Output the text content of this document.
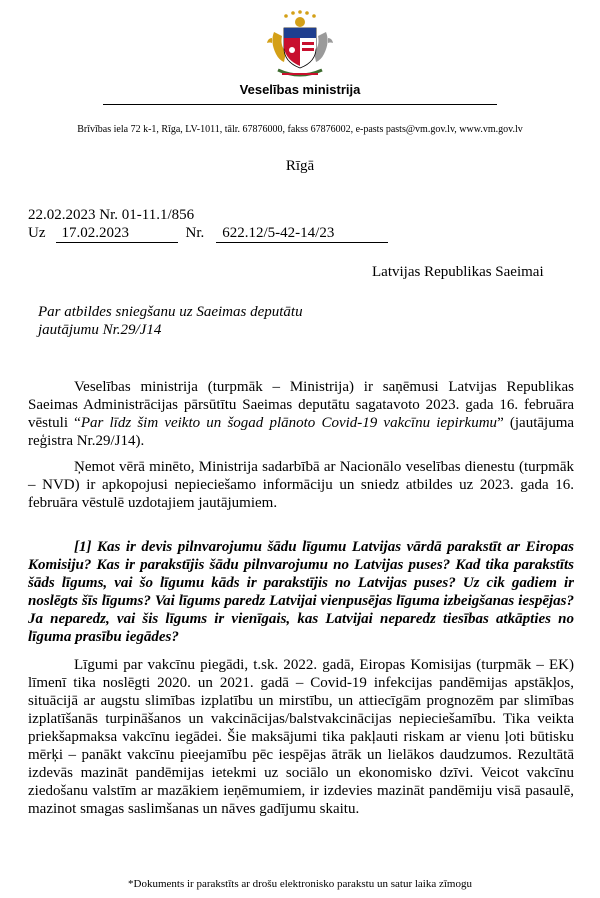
Veselības ministrija
Brīvības iela 72 k-1, Rīga, LV-1011, tālr. 67876000, fakss 67876002, e-pasts pasts@vm.gov.lv, www.vm.gov.lv
Rīgā
22.02.2023 Nr. 01-11.1/856
Uz 17.02.2023	Nr. 622.12/5-42-14/23
Latvijas Republikas Saeimai
Par atbildes sniegšanu uz Saeimas deputātu jautājumu Nr.29/J14
Veselības ministrija (turpmāk – Ministrija) ir saņēmusi Latvijas Republikas Saeimas Administrācijas pārsūtītu Saeimas deputātu sagatavoto 2023. gada 16. februāra vēstuli “Par līdz šim veikto un šogad plānoto Covid-19 vakcīnu iepirkumu” (jautājuma reģistra Nr.29/J14).
Ņemot vērā minēto, Ministrija sadarbībā ar Nacionālo veselības dienestu (turpmāk – NVD) ir apkopojusi nepieciešamo informāciju un sniedz atbildes uz 2023. gada 16. februāra vēstulē uzdotajiem jautājumiem.
[1] Kas ir devis pilnvarojumu šādu līgumu Latvijas vārdā parakstīt ar Eiropas Komisiju? Kas ir parakstījis šādu pilnvarojumu no Latvijas puses? Kad tika parakstīts šāds līgums, vai šo līgumu kāds ir parakstījis no Latvijas puses? Uz cik gadiem ir noslēgts šīs līgums? Vai līgums paredz Latvijai vienpusējas līguma izbeigšanas iespējas? Ja neparedz, vai šis līgums ir vienīgais, kas Latvijai neparedz tiesības atkāpties no līguma prasību iegādes?
Līgumi par vakcīnu piegādi, t.sk. 2022. gadā, Eiropas Komisijas (turpmāk – EK) līmenī tika noslēgti 2020. un 2021. gadā – Covid-19 infekcijas pandēmijas apstākļos, situācijā ar augstu slimības izplatību un mirstību, un attiecīgām prognozēm par slimības izplatīšanās turpināšanos un vakcinācijas/balstvakcinācijas nepieciešamību. Tika veikta priekšapmaksa vakcīnu iegādei. Šie maksājumi tika pakļauti riskam ar vienu ļoti būtisku mērķi – panākt vakcīnu pieejamību pēc iespējas ātrāk un lielākos daudzumos. Rezultātā izdevās mazināt pandēmijas ietekmi uz sociālo un ekonomisko dzīvi. Veicot vakcīnu ziedošanu valstīm ar mazākiem ieņēmumiem, ir izdevies mazināt pandēmiju visā pasaulē, mazinot smagas saslimšanas un nāves gadījumu skaitu.
*Dokuments ir parakstīts ar drošu elektronisko parakstu un satur laika zīmogu
